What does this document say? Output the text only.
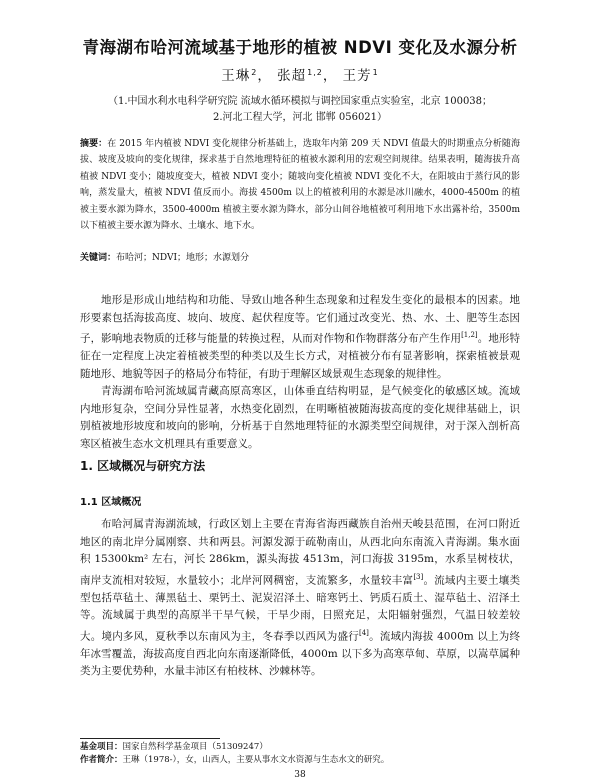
青海湖布哈河流域基于地形的植被 NDVI 变化及水源分析
王琳$^2$， 张超$^{1,2}$， 王芳$^1$
（1.中国水利水电科学研究院 流域水循环模拟与调控国家重点实验室，北京 100038；
2.河北工程大学，河北 邯郸 056021）
摘要：在 2015 年内植被 NDVI 变化规律分析基础上，选取年内第 209 天 NDVI 值最大的时期重点分析随海拔、坡度及坡向的变化规律，探求基于自然地理特征的植被水源利用的宏观空间规律。结果表明，随海拔升高植被 NDVI 变小；随坡度变大，植被 NDVI 变小；随坡向变化植被 NDVI 变化不大，在阳坡由于蒸行风的影响，蒸发量大，植被 NDVI 值反而小。海拔 4500m 以上的植被利用的水源是冰川融水，4000-4500m 的植被主要水源为降水，3500-4000m 植被主要水源为降水，部分山间谷地植被可利用地下水出露补给，3500m 以下植被主要水源为降水、土壤水、地下水。
关键词：布哈河；NDVI；地形；水源划分

地形是形成山地结构和功能、导致山地各种生态现象和过程发生变化的最根本的因素。地形要素包括海拔高度、坡向、坡度、起伏程度等。它们通过改变光、热、水、土、肥等生态因子，影响地表物质的迁移与能量的转换过程，从而对作物和作物群落分布产生作用[1,2]。地形特征在一定程度上决定着植被类型的种类以及生长方式，对植被分布有显著影响，探索植被景观随地形、地貌等因子的格局分布特征，有助于理解区域景观生态现象的规律性。

青海湖布哈河流域属青藏高原高寒区，山体垂直结构明显，是气候变化的敏感区域。流域内地形复杂，空间分异性显著，水热变化剧烈，在明晰植被随海拔高度的变化规律基础上，识别植被地形坡度和坡向的影响，分析基于自然地理特征的水源类型空间规律，对于深入剖析高寒区植被生态水文机理具有重要意义。

1. 区域概况与研究方法
1.1 区域概况

布哈河属青海湖流域，行政区划上主要在青海省海西藏族自治州天峻县范围，在河口附近地区的南北岸分属刚察、共和两县。河源发源于疏勒南山，从西北向东南流入青海湖。集水面积 15300km² 左右，河长 286km，源头海拔 4513m，河口海拔 3195m，水系呈树枝状，南岸支流相对较短，水量较小；北岸河网稠密，支流繁多，水量较丰富[3]。流域内主要土壤类型包括草毡土、薄黑毡土、栗钙土、泥炭沼泽土、暗寒钙土、钙质石质土、湿草毡土、沼泽土等。流域属于典型的高原半干旱气候，干旱少雨，日照充足，太阳辐射强烈，气温日较差较大。境内多风，夏秋季以东南风为主，冬春季以西风为盛行[4]。流域内海拔 4000m 以上为终年冰雪覆盖，海拔高度自西北向东南逐渐降低，4000m 以下多为高寒草甸、草原，以嵩草属种类为主要优势种，水量丰沛区有柏枝林、沙棘林等。

基金项目：国家自然科学基金项目（51309247）
作者简介：王琳（1978-），女，山西人，主要从事水文水资源与生态水文的研究。
38
